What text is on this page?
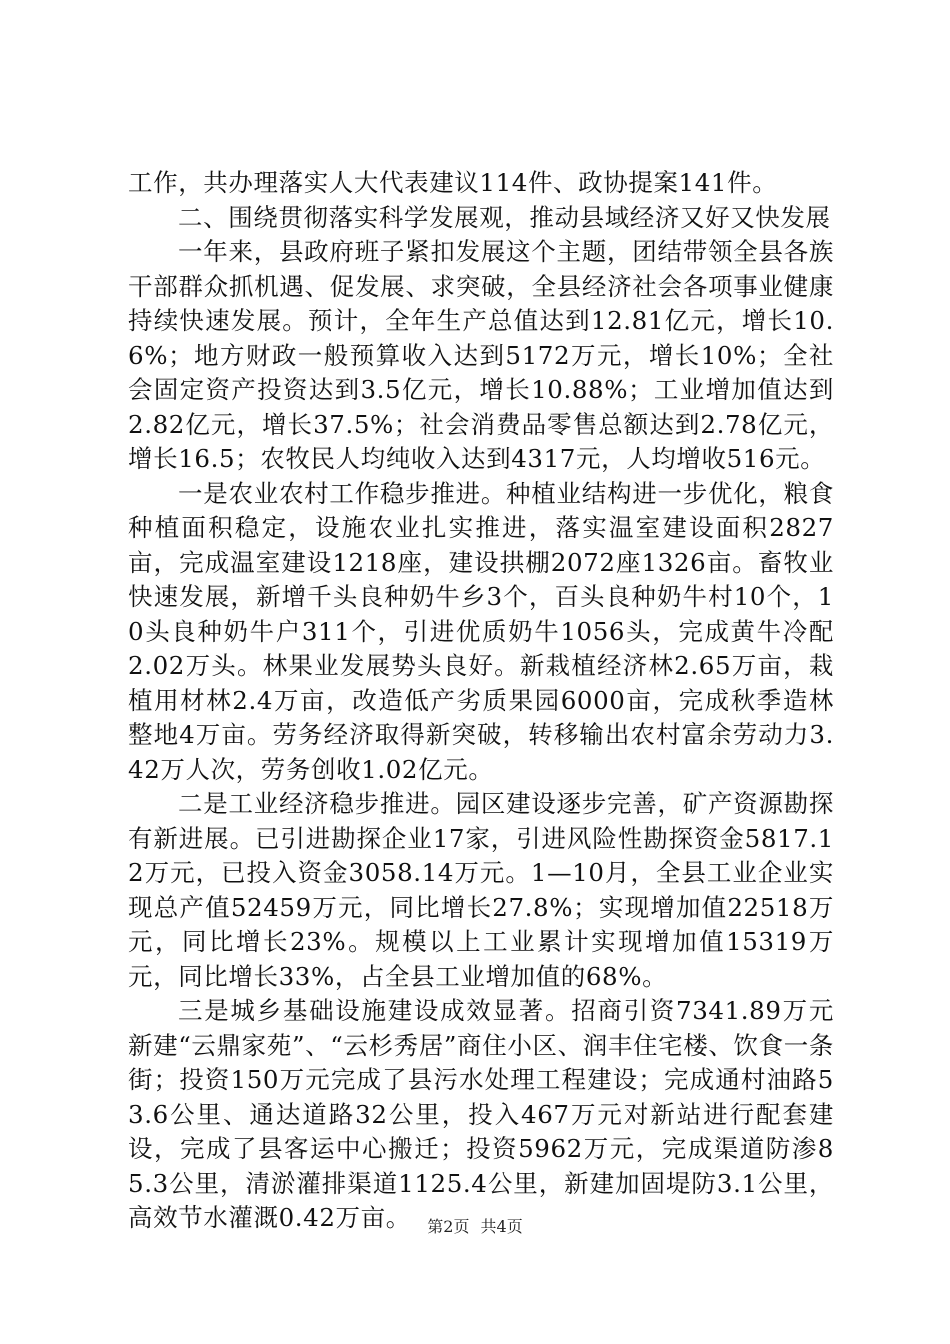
工作，共办理落实人大代表建议114件、政协提案141件。

二、围绕贯彻落实科学发展观，推动县域经济又好又快发展

一年来，县政府班子紧扣发展这个主题，团结带领全县各族干部群众抓机遇、促发展、求突破，全县经济社会各项事业健康持续快速发展。预计，全年生产总值达到12.81亿元，增长10.6%；地方财政一般预算收入达到5172万元，增长10%；全社会固定资产投资达到3.5亿元，增长10.88%；工业增加值达到2.82亿元，增长37.5%；社会消费品零售总额达到2.78亿元，增长16.5；农牧民人均纯收入达到4317元，人均增收516元。

一是农业农村工作稳步推进。种植业结构进一步优化，粮食种植面积稳定，设施农业扎实推进，落实温室建设面积2827亩，完成温室建设1218座，建设拱棚2072座1326亩。畜牧业快速发展，新增千头良种奶牛乡3个，百头良种奶牛村10个，10头良种奶牛户311个，引进优质奶牛1056头，完成黄牛冷配2.02万头。林果业发展势头良好。新栽植经济林2.65万亩，栽植用材林2.4万亩，改造低产劣质果园6000亩，完成秋季造林整地4万亩。劳务经济取得新突破，转移输出农村富余劳动力3.42万人次，劳务创收1.02亿元。

二是工业经济稳步推进。园区建设逐步完善，矿产资源勘探有新进展。已引进勘探企业17家，引进风险性勘探资金5817.12万元，已投入资金3058.14万元。1—10月，全县工业企业实现总产值52459万元，同比增长27.8%；实现增加值22518万元，同比增长23%。规模以上工业累计实现增加值15319万元，同比增长33%，占全县工业增加值的68%。

三是城乡基础设施建设成效显著。招商引资7341.89万元新建“云鼎家苑”、“云杉秀居”商住小区、润丰住宅楼、饮食一条街；投资150万元完成了县污水处理工程建设；完成通村油路53.6公里、通达道路32公里，投入467万元对新站进行配套建设，完成了县客运中心搬迁；投资5962万元，完成渠道防渗85.3公里，清淤灌排渠道1125.4公里，新建加固堤防3.1公里，高效节水灌溉0.42万亩。	第2页 共4页
